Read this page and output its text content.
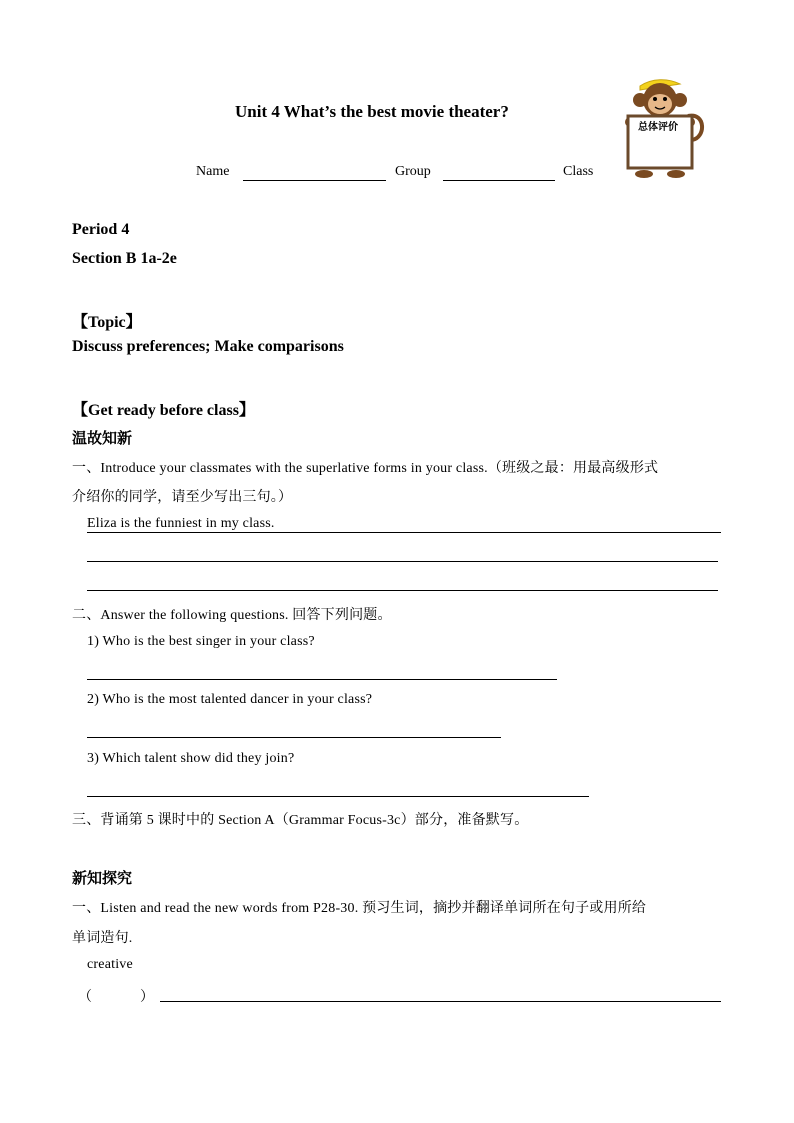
Unit 4 What’s the best movie theater?
Name	Group	Class
总体评价
Period 4
Section B 1a-2e
【Topic】
Discuss preferences; Make comparisons
【Get ready before class】
温故知新
一、Introduce your classmates with the superlative forms in your class.（班级之最：用最高级形式
介绍你的同学，请至少写出三句。）
Eliza is the funniest in my class.
二、Answer the following questions. 回答下列问题。
1) Who is the best singer in your class?
2) Who is the most talented dancer in your class?
3) Which talent show did they join?
三、背诵第 5 课时中的 Section A（Grammar Focus-3c）部分，准备默写。
新知探究
一、Listen and read the new words from P28-30. 预习生词，摘抄并翻译单词所在句子或用所给
单词造句.
creative
（	）
